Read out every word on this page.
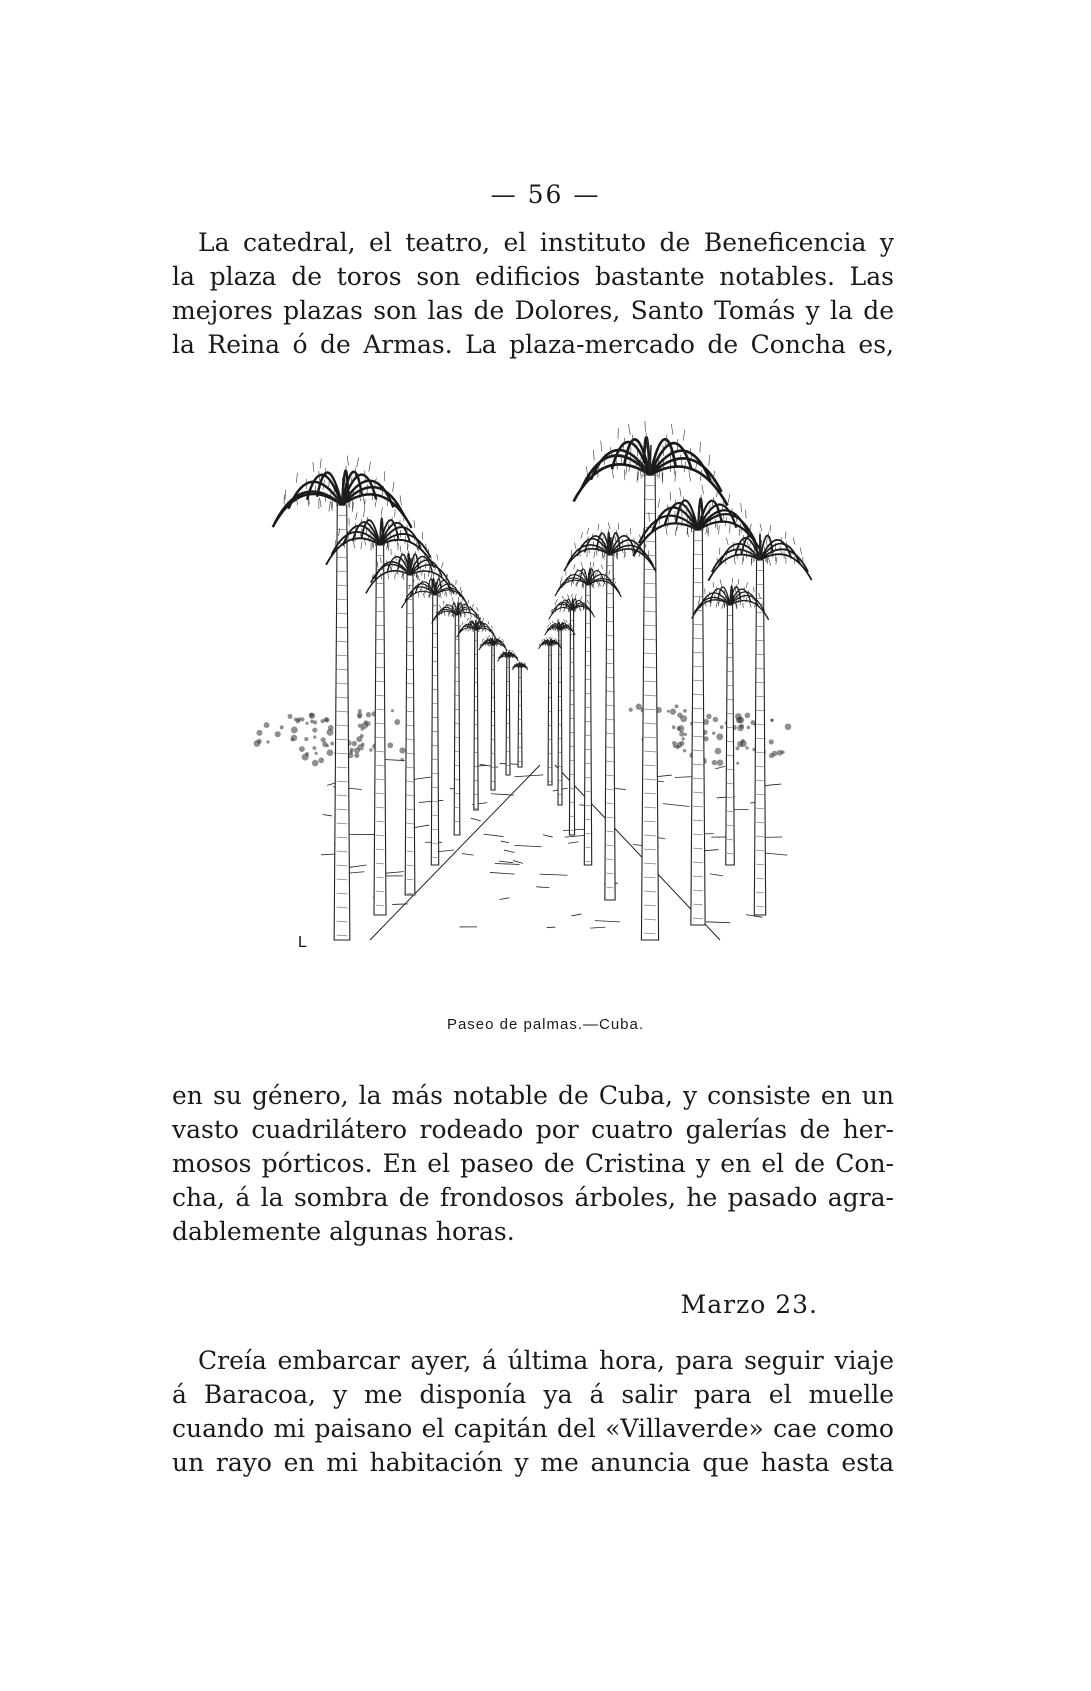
— 56 —
La catedral, el teatro, el instituto de Beneficencia y
la plaza de toros son edificios bastante notables. Las
mejores plazas son las de Dolores, Santo Tomás y la de
la Reina ó de Armas. La plaza-mercado de Concha es,
L
Paseo de palmas.—Cuba.
en su género, la más notable de Cuba, y consiste en un
vasto cuadrilátero rodeado por cuatro galerías de her-
mosos pórticos. En el paseo de Cristina y en el de Con-
cha, á la sombra de frondosos árboles, he pasado agra-
dablemente algunas horas.
Marzo 23.
Creía embarcar ayer, á última hora, para seguir viaje
á Baracoa, y me disponía ya á salir para el muelle
cuando mi paisano el capitán del «Villaverde» cae como
un rayo en mi habitación y me anuncia que hasta esta
